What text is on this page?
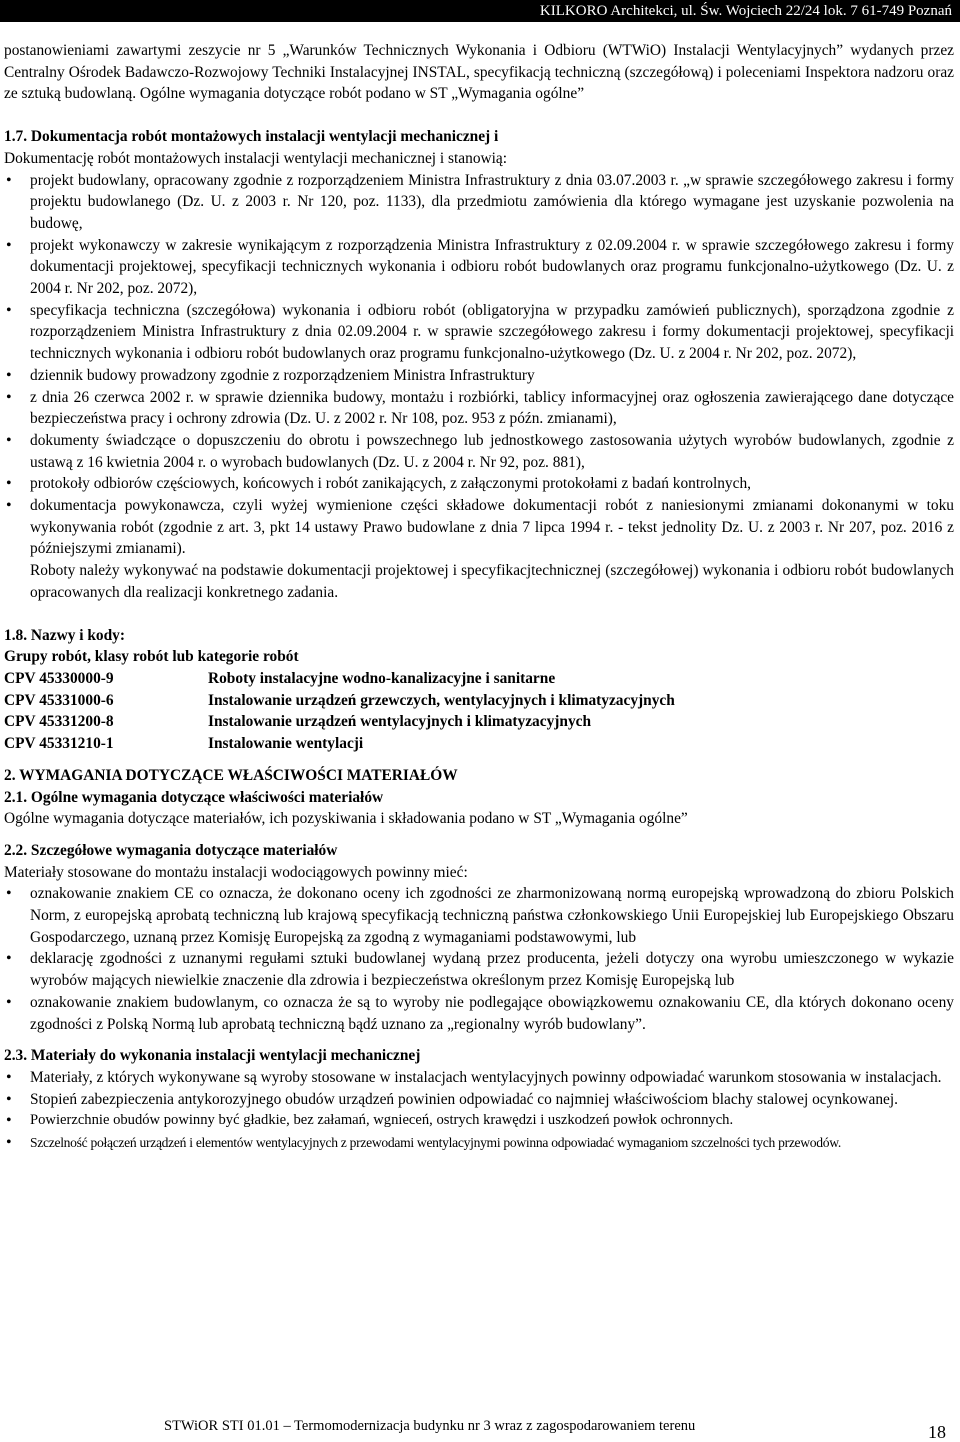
KILKORO Architekci, ul. Św. Wojciech 22/24 lok. 7 61-749 Poznań

postanowieniami zawartymi zeszycie nr 5 „Warunków Technicznych Wykonania i Odbioru (WTWiO) Instalacji Wentylacyjnych” wydanych przez Centralny Ośrodek Badawczo-Rozwojowy Techniki Instalacyjnej INSTAL, specyfikacją techniczną (szczegółową) i poleceniami Inspektora nadzoru oraz ze sztuką budowlaną. Ogólne wymagania dotyczące robót podano w ST „Wymagania ogólne”

1.7. Dokumentacja robót montażowych instalacji wentylacji mechanicznej i

Dokumentację robót montażowych instalacji wentylacji mechanicznej i stanowią:

• projekt budowlany, opracowany zgodnie z rozporządzeniem Ministra Infrastruktury z dnia 03.07.2003 r. „w sprawie szczegółowego zakresu i formy projektu budowlanego (Dz. U. z 2003 r. Nr 120, poz. 1133), dla przedmiotu zamówienia dla którego wymagane jest uzyskanie pozwolenia na budowę,
• projekt wykonawczy w zakresie wynikającym z rozporządzenia Ministra Infrastruktury z 02.09.2004 r. w sprawie szczegółowego zakresu i formy dokumentacji projektowej, specyfikacji technicznych wykonania i odbioru robót budowlanych oraz programu funkcjonalno-użytkowego (Dz. U. z 2004 r. Nr 202, poz. 2072),
• specyfikacja techniczna (szczegółowa) wykonania i odbioru robót (obligatoryjna w przypadku zamówień publicznych), sporządzona zgodnie z rozporządzeniem Ministra Infrastruktury z dnia 02.09.2004 r. w sprawie szczegółowego zakresu i formy dokumentacji projektowej, specyfikacji technicznych wykonania i odbioru robót budowlanych oraz programu funkcjonalno-użytkowego (Dz. U. z 2004 r. Nr 202, poz. 2072),
• dziennik budowy prowadzony zgodnie z rozporządzeniem Ministra Infrastruktury
• z dnia 26 czerwca 2002 r. w sprawie dziennika budowy, montażu i rozbiórki, tablicy informacyjnej oraz ogłoszenia zawierającego dane dotyczące bezpieczeństwa pracy i ochrony zdrowia (Dz. U. z 2002 r. Nr 108, poz. 953 z późn. zmianami),
• dokumenty świadczące o dopuszczeniu do obrotu i powszechnego lub jednostkowego zastosowania użytych wyrobów budowlanych, zgodnie z ustawą z 16 kwietnia 2004 r. o wyrobach budowlanych (Dz. U. z 2004 r. Nr 92, poz. 881),
• protokoły odbiorów częściowych, końcowych i robót zanikających, z załączonymi protokołami z badań kontrolnych,
• dokumentacja powykonawcza, czyli wyżej wymienione części składowe dokumentacji robót z naniesionymi zmianami dokonanymi w toku wykonywania robót (zgodnie z art. 3, pkt 14 ustawy Prawo budowlane z dnia 7 lipca 1994 r. - tekst jednolity Dz. U. z 2003 r. Nr 207, poz. 2016 z późniejszymi zmianami).

Roboty należy wykonywać na podstawie dokumentacji projektowej i specyfikacjtechnicznej (szczegółowej) wykonania i odbioru robót budowlanych opracowanych dla realizacji konkretnego zadania.

1.8. Nazwy i kody:

Grupy robót, klasy robót lub kategorie robót

CPV 45330000-9	Roboty instalacyjne wodno-kanalizacyjne i sanitarne
CPV 45331000-6	Instalowanie urządzeń grzewczych, wentylacyjnych i klimatyzacyjnych
CPV 45331200-8	Instalowanie urządzeń wentylacyjnych i klimatyzacyjnych
CPV 45331210-1	Instalowanie wentylacji

2. WYMAGANIA DOTYCZĄCE WŁAŚCIWOŚCI MATERIAŁÓW

2.1. Ogólne wymagania dotyczące właściwości materiałów

Ogólne wymagania dotyczące materiałów, ich pozyskiwania i składowania podano w ST „Wymagania ogólne”

2.2. Szczegółowe wymagania dotyczące materiałów

Materiały stosowane do montażu instalacji wodociągowych powinny mieć:

• oznakowanie znakiem CE co oznacza, że dokonano oceny ich zgodności ze zharmonizowaną normą europejską wprowadzoną do zbioru Polskich Norm, z europejską aprobatą techniczną lub krajową specyfikacją techniczną państwa członkowskiego Unii Europejskiej lub Europejskiego Obszaru Gospodarczego, uznaną przez Komisję Europejską za zgodną z wymaganiami podstawowymi, lub
• deklarację zgodności z uznanymi regułami sztuki budowlanej wydaną przez producenta, jeżeli dotyczy ona wyrobu umieszczonego w wykazie wyrobów mających niewielkie znaczenie dla zdrowia i bezpieczeństwa określonym przez Komisję Europejską lub
• oznakowanie znakiem budowlanym, co oznacza że są to wyroby nie podlegające obowiązkowemu oznakowaniu CE, dla których dokonano oceny zgodności z Polską Normą lub aprobatą techniczną bądź uznano za „regionalny wyrób budowlany”.

2.3. Materiały do wykonania instalacji wentylacji mechanicznej

• Materiały, z których wykonywane są wyroby stosowane w instalacjach wentylacyjnych powinny odpowiadać warunkom stosowania w instalacjach.
• Stopień zabezpieczenia antykorozyjnego obudów urządzeń powinien odpowiadać co najmniej właściwościom blachy stalowej ocynkowanej.
• Powierzchnie obudów powinny być gładkie, bez załamań, wgnieceń, ostrych krawędzi i uszkodzeń powłok ochronnych.
• Szczelność połączeń urządzeń i elementów wentylacyjnych z przewodami wentylacyjnymi powinna odpowiadać wymaganiom szczelności tych przewodów.
STWiOR STI 01.01 – Termomodernizacja budynku nr 3 wraz z zagospodarowaniem terenu	18
